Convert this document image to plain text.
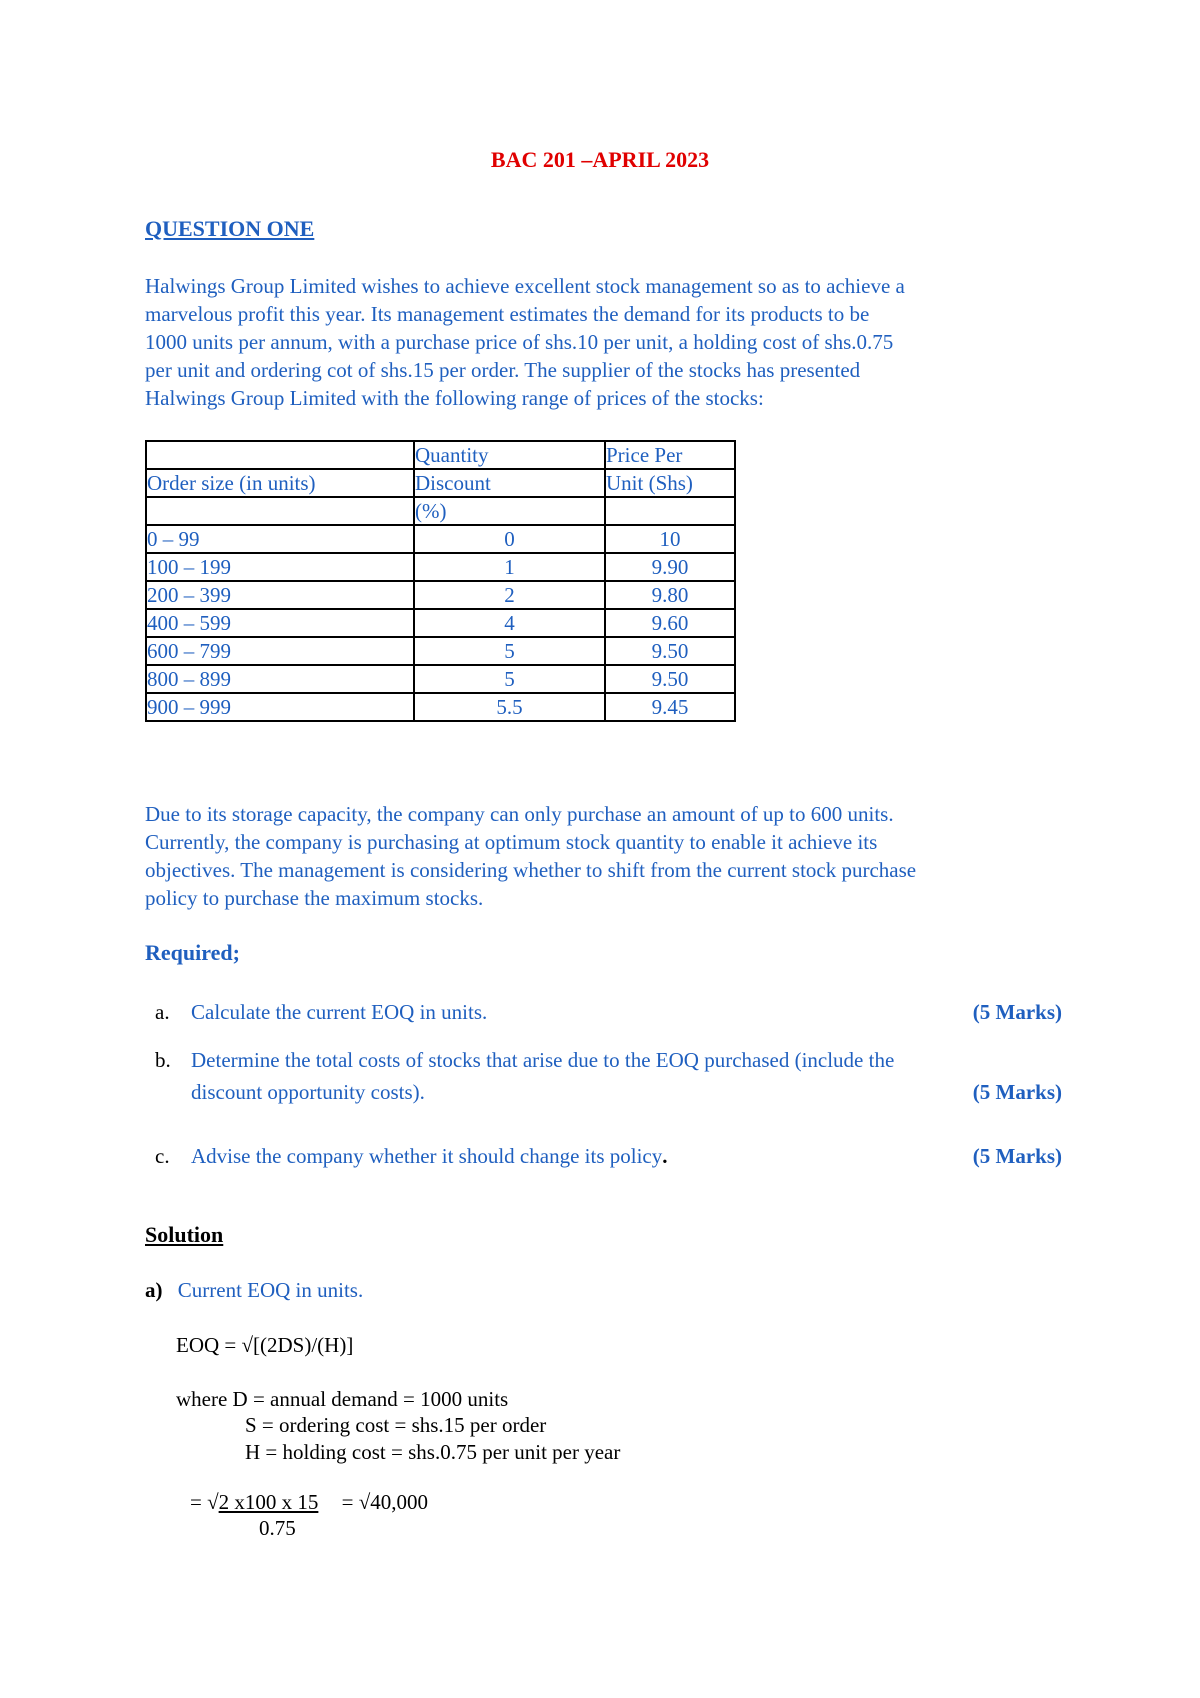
BAC 201 –APRIL 2023
QUESTION ONE
Halwings Group Limited wishes to achieve excellent stock management so as to achieve a
marvelous profit this year. Its management estimates the demand for its products to be
1000 units per annum, with a purchase price of shs.10 per unit, a holding cost of shs.0.75
per unit and ordering cot of shs.15 per order. The supplier of the stocks has presented
Halwings Group Limited with the following range of prices of the stocks:
	Quantity	Price Per
Order size (in units)	Discount	Unit (Shs)
	(%)	
0 – 99	0	10
100 – 199	1	9.90
200 – 399	2	9.80
400 – 599	4	9.60
600 – 799	5	9.50
800 – 899	5	9.50
900 – 999	5.5	9.45
Due to its storage capacity, the company can only purchase an amount of up to 600 units.
Currently, the company is purchasing at optimum stock quantity to enable it achieve its
objectives. The management is considering whether to shift from the current stock purchase
policy to purchase the maximum stocks.
Required;
a. Calculate the current EOQ in units.	(5 Marks)
b. Determine the total costs of stocks that arise due to the EOQ purchased (include the
discount opportunity costs).	(5 Marks)
c. Advise the company whether it should change its policy.	(5 Marks)
Solution
a) Current EOQ in units.
EOQ = √[(2DS)/(H)]
where D = annual demand = 1000 units
S = ordering cost = shs.15 per order
H = holding cost = shs.0.75 per unit per year
= √2 x100 x 15 = √40,000
0.75
